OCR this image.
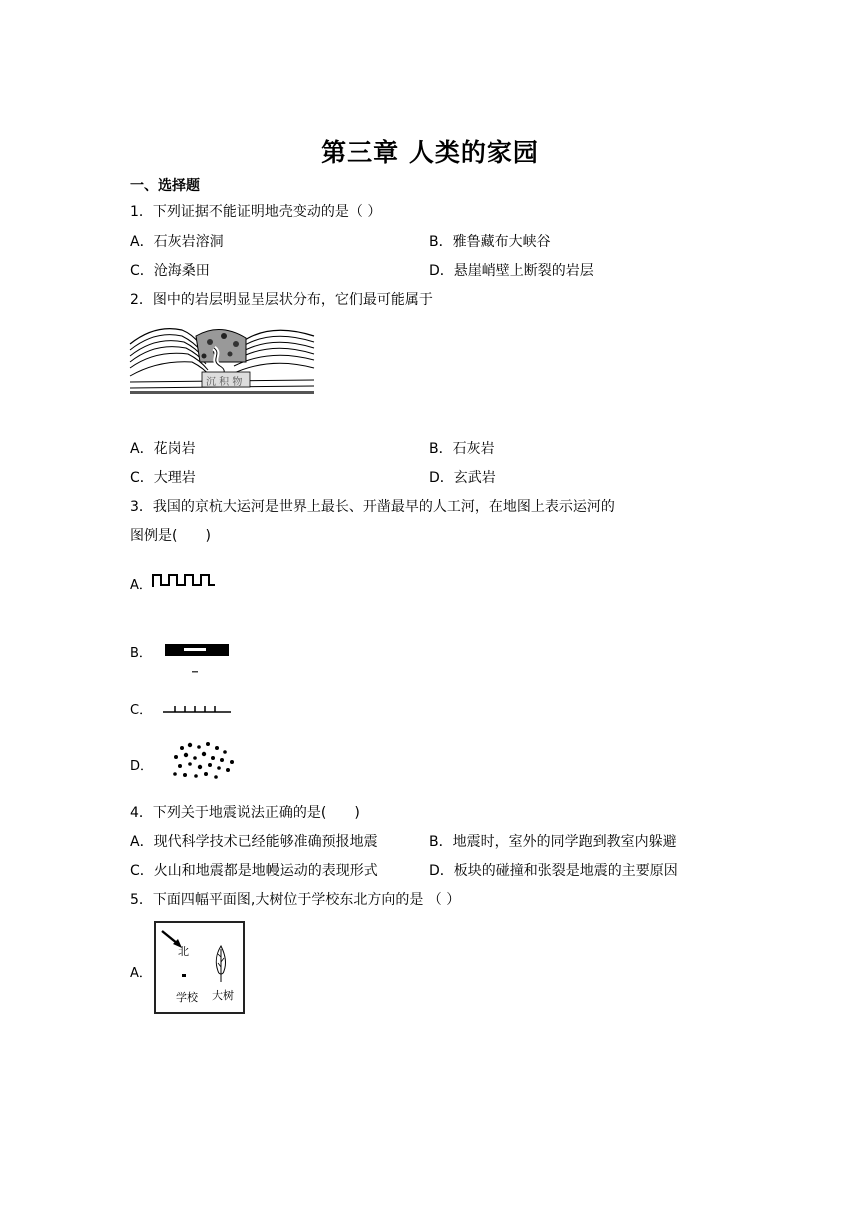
第三章 人类的家园
一、选择题
1．下列证据不能证明地壳变动的是（ ）
A．石灰岩溶洞	B．雅鲁藏布大峡谷
C．沧海桑田	D．悬崖峭壁上断裂的岩层
2．图中的岩层明显呈层状分布，它们最可能属于
沉 积 物
A．花岗岩	B．石灰岩
C．大理岩	D．玄武岩
3．我国的京杭大运河是世界上最长、开凿最早的人工河，在地图上表示运河的
图例是(　　)
A．
B．
C．
D．
4．下列关于地震说法正确的是(　　)
A．现代科学技术已经能够准确预报地震	B．地震时，室外的同学跑到教室内躲避
C．火山和地震都是地幔运动的表现形式	D．板块的碰撞和张裂是地震的主要原因
5．下面四幅平面图,大树位于学校东北方向的是 （ ）
A．
北
学校 大树
